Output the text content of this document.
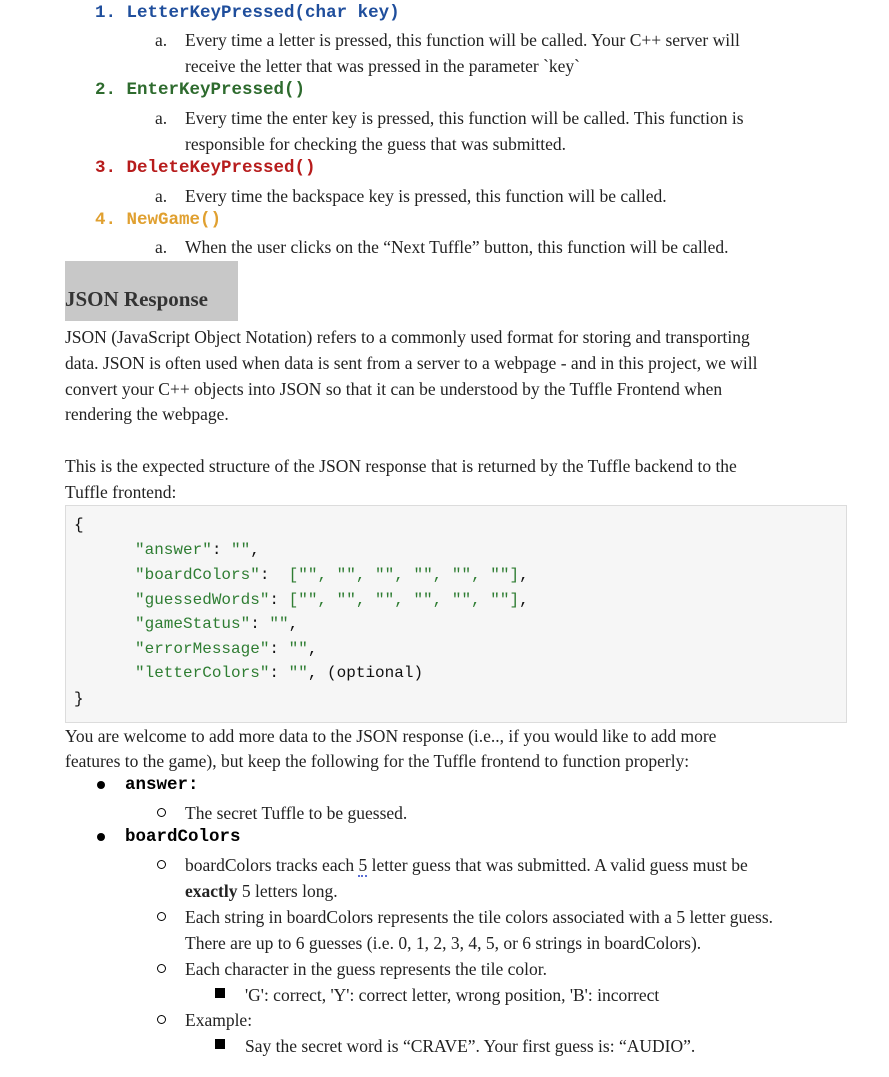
1. LetterKeyPressed(char key)
a. Every time a letter is pressed, this function will be called. Your C++ server will
receive the letter that was pressed in the parameter `key`
2. EnterKeyPressed()
a. Every time the enter key is pressed, this function will be called. This function is
responsible for checking the guess that was submitted.
3. DeleteKeyPressed()
a. Every time the backspace key is pressed, this function will be called.
4. NewGame()
a. When the user clicks on the “Next Tuffle” button, this function will be called.
JSON Response
JSON (JavaScript Object Notation) refers to a commonly used format for storing and transporting
data. JSON is often used when data is sent from a server to a webpage - and in this project, we will
convert your C++ objects into JSON so that it can be understood by the Tuffle Frontend when
rendering the webpage.
This is the expected structure of the JSON response that is returned by the Tuffle backend to the
Tuffle frontend:
{
"answer": "",
"boardColors":  ["", "", "", "", "", ""],
"guessedWords": ["", "", "", "", "", ""],
"gameStatus": "",
"errorMessage": "",
"letterColors": "", (optional)
}
You are welcome to add more data to the JSON response (i.e.., if you would like to add more
features to the game), but keep the following for the Tuffle frontend to function properly:
answer:
The secret Tuffle to be guessed.
boardColors
boardColors tracks each 5 letter guess that was submitted. A valid guess must be
exactly 5 letters long.
Each string in boardColors represents the tile colors associated with a 5 letter guess.
There are up to 6 guesses (i.e. 0, 1, 2, 3, 4, 5, or 6 strings in boardColors).
Each character in the guess represents the tile color.
'G': correct, 'Y': correct letter, wrong position, 'B': incorrect
Example:
Say the secret word is “CRAVE”. Your first guess is: “AUDIO”.
